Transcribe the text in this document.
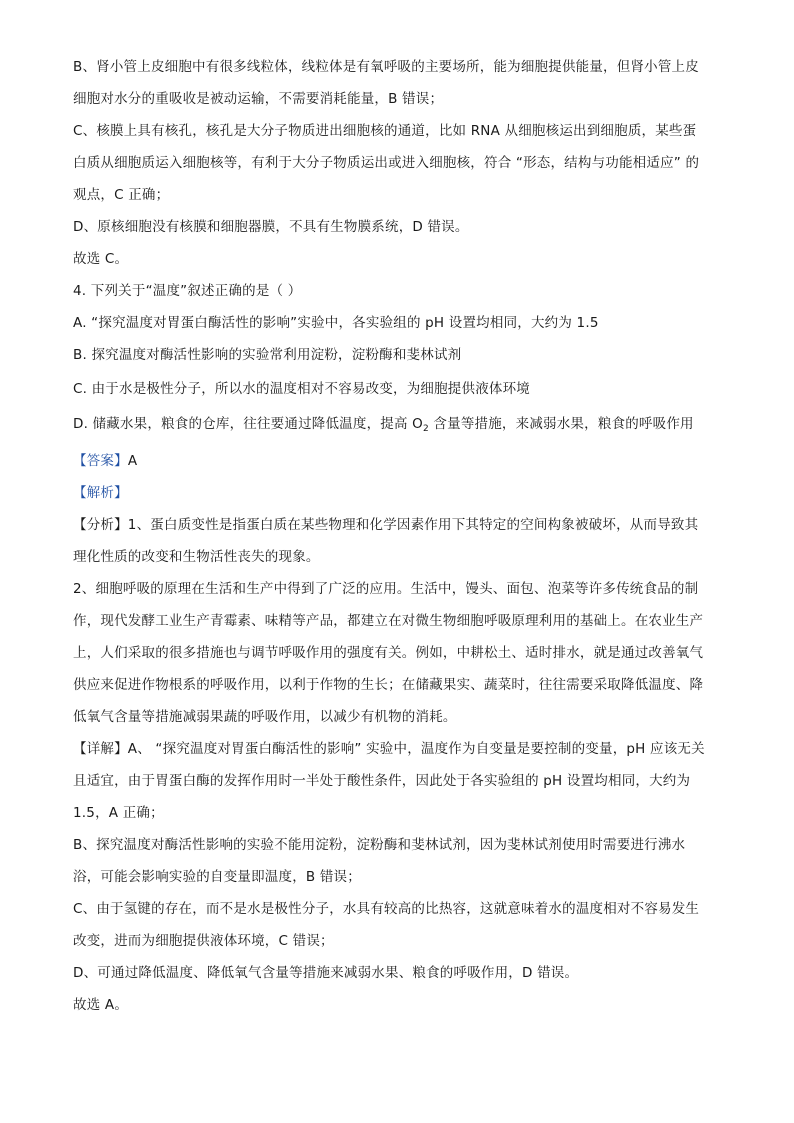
B、肾小管上皮细胞中有很多线粒体，线粒体是有氧呼吸的主要场所，能为细胞提供能量，但肾小管上皮
细胞对水分的重吸收是被动运输，不需要消耗能量，B 错误；
C、核膜上具有核孔，核孔是大分子物质进出细胞核的通道，比如 RNA 从细胞核运出到细胞质，某些蛋
白质从细胞质运入细胞核等，有利于大分子物质运出或进入细胞核，符合 “形态，结构与功能相适应” 的
观点，C 正确；
D、原核细胞没有核膜和细胞器膜，不具有生物膜系统，D 错误。
故选 C。
4. 下列关于“温度”叙述正确的是（ ）
A. “探究温度对胃蛋白酶活性的影响”实验中，各实验组的 pH 设置均相同，大约为 1.5
B. 探究温度对酶活性影响的实验常利用淀粉，淀粉酶和斐林试剂
C. 由于水是极性分子，所以水的温度相对不容易改变，为细胞提供液体环境
D. 储藏水果，粮食的仓库，往往要通过降低温度，提高 $O_2$ 含量等措施，来减弱水果，粮食的呼吸作用
【答案】A
【解析】
【分析】1、蛋白质变性是指蛋白质在某些物理和化学因素作用下其特定的空间构象被破坏，从而导致其
理化性质的改变和生物活性丧失的现象。
2、细胞呼吸的原理在生活和生产中得到了广泛的应用。生活中，馒头、面包、泡菜等许多传统食品的制
作，现代发酵工业生产青霉素、味精等产品，都建立在对微生物细胞呼吸原理利用的基础上。在农业生产
上，人们采取的很多措施也与调节呼吸作用的强度有关。例如，中耕松土、适时排水，就是通过改善氧气
供应来促进作物根系的呼吸作用，以利于作物的生长；在储藏果实、蔬菜时，往往需要采取降低温度、降
低氧气含量等措施减弱果蔬的呼吸作用，以减少有机物的消耗。
【详解】A、 “探究温度对胃蛋白酶活性的影响” 实验中，温度作为自变量是要控制的变量，pH 应该无关
且适宜，由于胃蛋白酶的发挥作用时一半处于酸性条件，因此处于各实验组的 pH 设置均相同，大约为
1.5，A 正确；
B、探究温度对酶活性影响的实验不能用淀粉，淀粉酶和斐林试剂，因为斐林试剂使用时需要进行沸水
浴，可能会影响实验的自变量即温度，B 错误；
C、由于氢键的存在，而不是水是极性分子，水具有较高的比热容，这就意味着水的温度相对不容易发生
改变，进而为细胞提供液体环境，C 错误；
D、可通过降低温度、降低氧气含量等措施来减弱水果、粮食的呼吸作用，D 错误。
故选 A。
